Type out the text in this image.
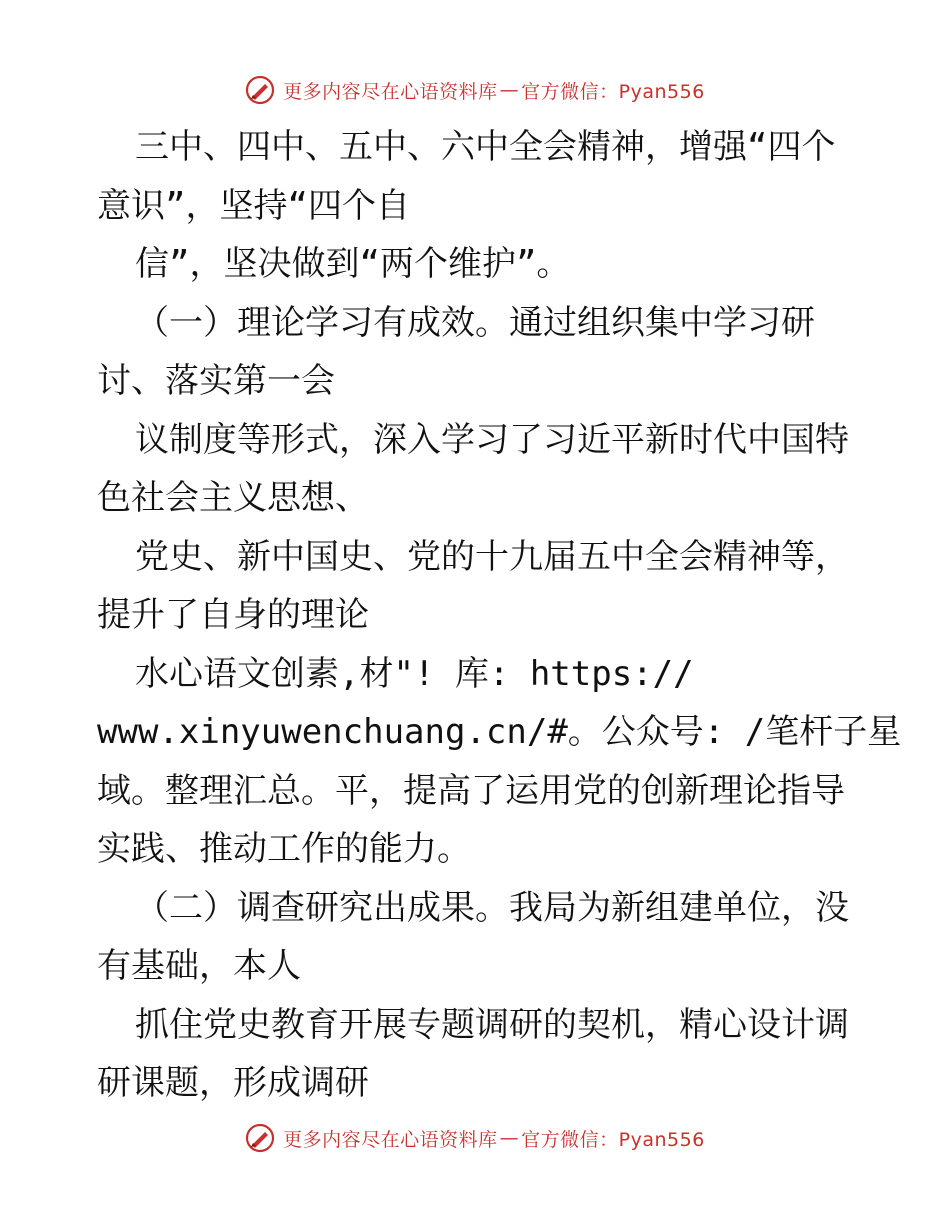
更多内容尽在心语资料库 — 官方微信：Pyan556
三中、四中、五中、六中全会精神，增强“四个
意识”，坚持“四个自
信”，坚决做到“两个维护”。
（一）理论学习有成效。通过组织集中学习研
讨、落实第一会
议制度等形式，深入学习了习近平新时代中国特
色社会主义思想、
党史、新中国史、党的十九届五中全会精神等，
提升了自身的理论
水心语文创素,材"! 库: https://
www.xinyuwenchuang.cn/#。公众号: /笔杆子星
域。整理汇总。平，提高了运用党的创新理论指导
实践、推动工作的能力。
（二）调查研究出成果。我局为新组建单位，没
有基础，本人
抓住党史教育开展专题调研的契机，精心设计调
研课题，形成调研
更多内容尽在心语资料库 — 官方微信：Pyan556
